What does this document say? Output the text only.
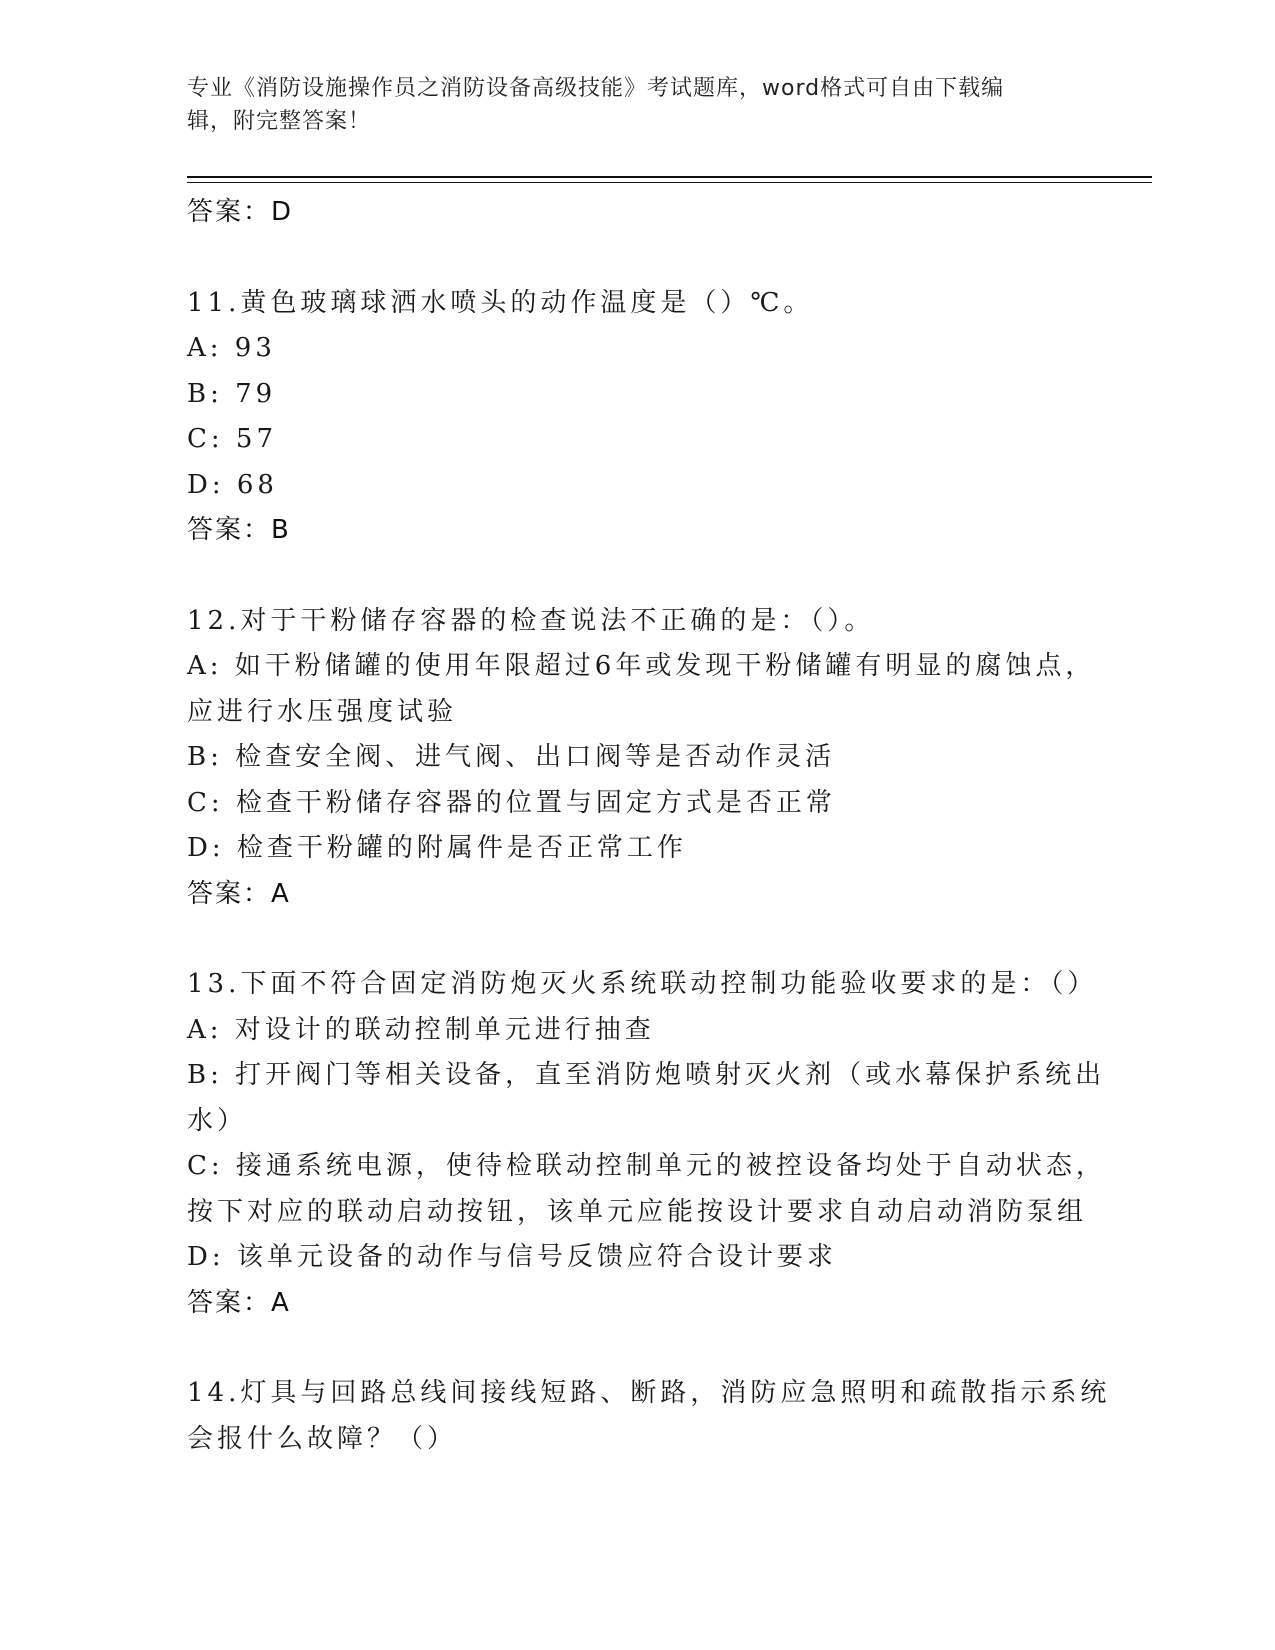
专业《消防设施操作员之消防设备高级技能》考试题库，word格式可自由下载编
辑，附完整答案！
答案：D
11.黄色玻璃球洒水喷头的动作温度是（）℃。
A: 93
B: 79
C: 57
D: 68
答案：B
12.对于干粉储存容器的检查说法不正确的是：（）。
A: 如干粉储罐的使用年限超过6年或发现干粉储罐有明显的腐蚀点，
应进行水压强度试验
B: 检查安全阀、进气阀、出口阀等是否动作灵活
C: 检查干粉储存容器的位置与固定方式是否正常
D: 检查干粉罐的附属件是否正常工作
答案：A
13.下面不符合固定消防炮灭火系统联动控制功能验收要求的是：（）
A: 对设计的联动控制单元进行抽查
B: 打开阀门等相关设备，直至消防炮喷射灭火剂（或水幕保护系统出
水）
C: 接通系统电源，使待检联动控制单元的被控设备均处于自动状态，
按下对应的联动启动按钮，该单元应能按设计要求自动启动消防泵组
D: 该单元设备的动作与信号反馈应符合设计要求
答案：A
14.灯具与回路总线间接线短路、断路，消防应急照明和疏散指示系统
会报什么故障？（）
